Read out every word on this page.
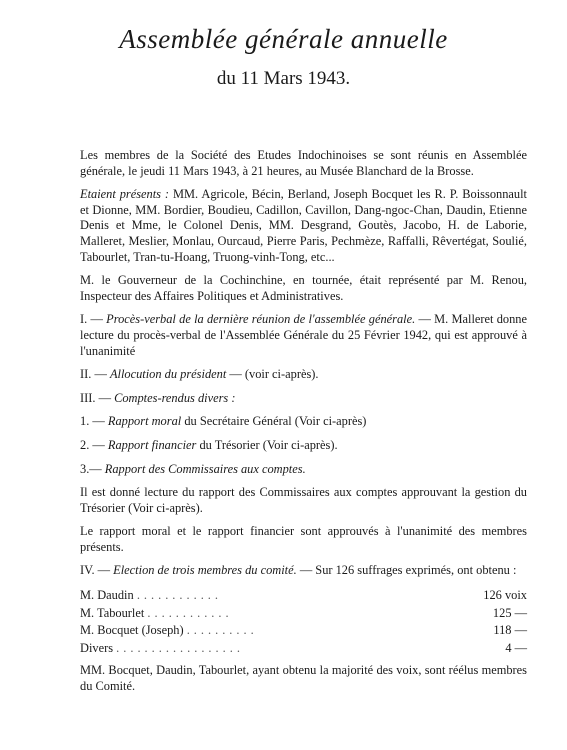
Assemblée générale annuelle
du 11 Mars 1943.

Les membres de la Société des Etudes Indochinoises se sont réunis en Assemblée générale, le jeudi 11 Mars 1943, à 21 heures, au Musée Blanchard de la Brosse.

Etaient présents : MM. Agricole, Bécin, Berland, Joseph Bocquet les R. P. Boissonnault et Dionne, MM. Bordier, Boudieu, Cadillon, Cavillon, Dang-ngoc-Chan, Daudin, Etienne Denis et Mme, le Colonel Denis, MM. Desgrand, Goutès, Jacobo, H. de Laborie, Malleret, Meslier, Monlau, Ourcaud, Pierre Paris, Pechmèze, Raffalli, Rêvertégat, Soulié, Tabourlet, Tran-tu-Hoang, Truong-vinh-Tong, etc...

M. le Gouverneur de la Cochinchine, en tournée, était représenté par M. Renou, Inspecteur des Affaires Politiques et Administratives.

I. — Procès-verbal de la dernière réunion de l'assemblée générale. — M. Malleret donne lecture du procès-verbal de l'Assemblée Générale du 25 Février 1942, qui est approuvé à l'unanimité

II. — Allocution du président — (voir ci-après).

III. — Comptes-rendus divers :

1. — Rapport moral du Secrétaire Général (Voir ci-après)

2. — Rapport financier du Trésorier (Voir ci-après).

3.— Rapport des Commissaires aux comptes.

Il est donné lecture du rapport des Commissaires aux comptes approuvant la gestion du Trésorier (Voir ci-après).

Le rapport moral et le rapport financier sont approuvés à l'unanimité des membres présents.

IV. — Election de trois membres du comité. — Sur 126 suffrages exprimés, ont obtenu :

M. Daudin ............	126 voix
M. Tabourlet ............	125 —
M. Bocquet (Joseph) ..........	118 —
Divers ..................	4 —

MM. Bocquet, Daudin, Tabourlet, ayant obtenu la majorité des voix, sont réélus membres du Comité.
